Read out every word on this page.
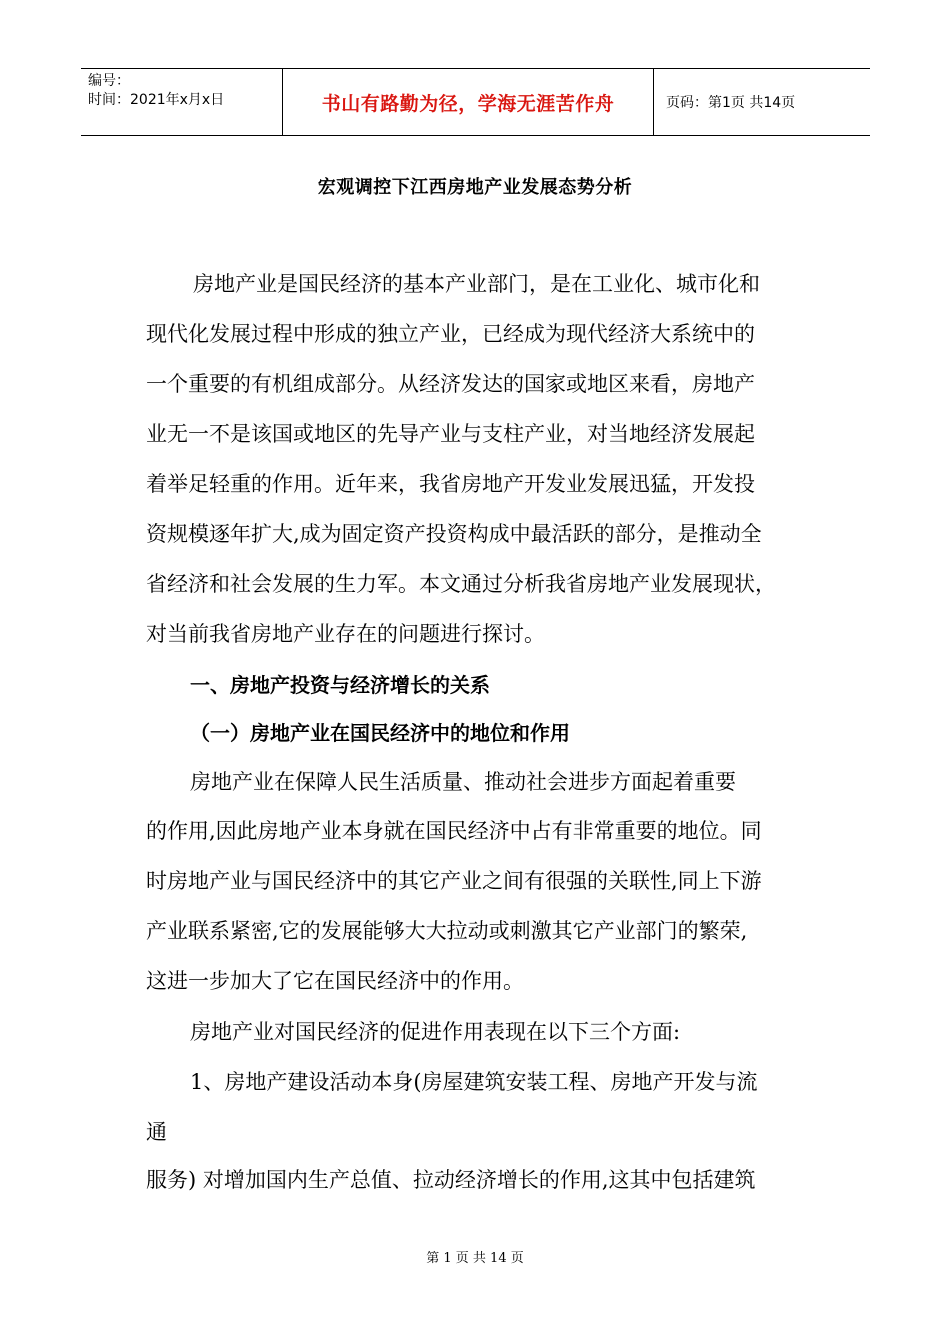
编号：
时间：2021年x月x日	书山有路勤为径，学海无涯苦作舟	页码：第1页 共14页
宏观调控下江西房地产业发展态势分析
房地产业是国民经济的基本产业部门，是在工业化、城市化和
现代化发展过程中形成的独立产业，已经成为现代经济大系统中的
一个重要的有机组成部分。从经济发达的国家或地区来看，房地产
业无一不是该国或地区的先导产业与支柱产业，对当地经济发展起
着举足轻重的作用。近年来，我省房地产开发业发展迅猛，开发投
资规模逐年扩大,成为固定资产投资构成中最活跃的部分，是推动全
省经济和社会发展的生力军。本文通过分析我省房地产业发展现状，
对当前我省房地产业存在的问题进行探讨。
一、房地产投资与经济增长的关系
（一）房地产业在国民经济中的地位和作用
房地产业在保障人民生活质量、推动社会进步方面起着重要
的作用,因此房地产业本身就在国民经济中占有非常重要的地位。同
时房地产业与国民经济中的其它产业之间有很强的关联性,同上下游
产业联系紧密,它的发展能够大大拉动或刺激其它产业部门的繁荣,
这进一步加大了它在国民经济中的作用。
房地产业对国民经济的促进作用表现在以下三个方面:
1、房地产建设活动本身(房屋建筑安装工程、房地产开发与流
通
服务) 对增加国内生产总值、拉动经济增长的作用,这其中包括建筑
第 1 页 共 14 页
